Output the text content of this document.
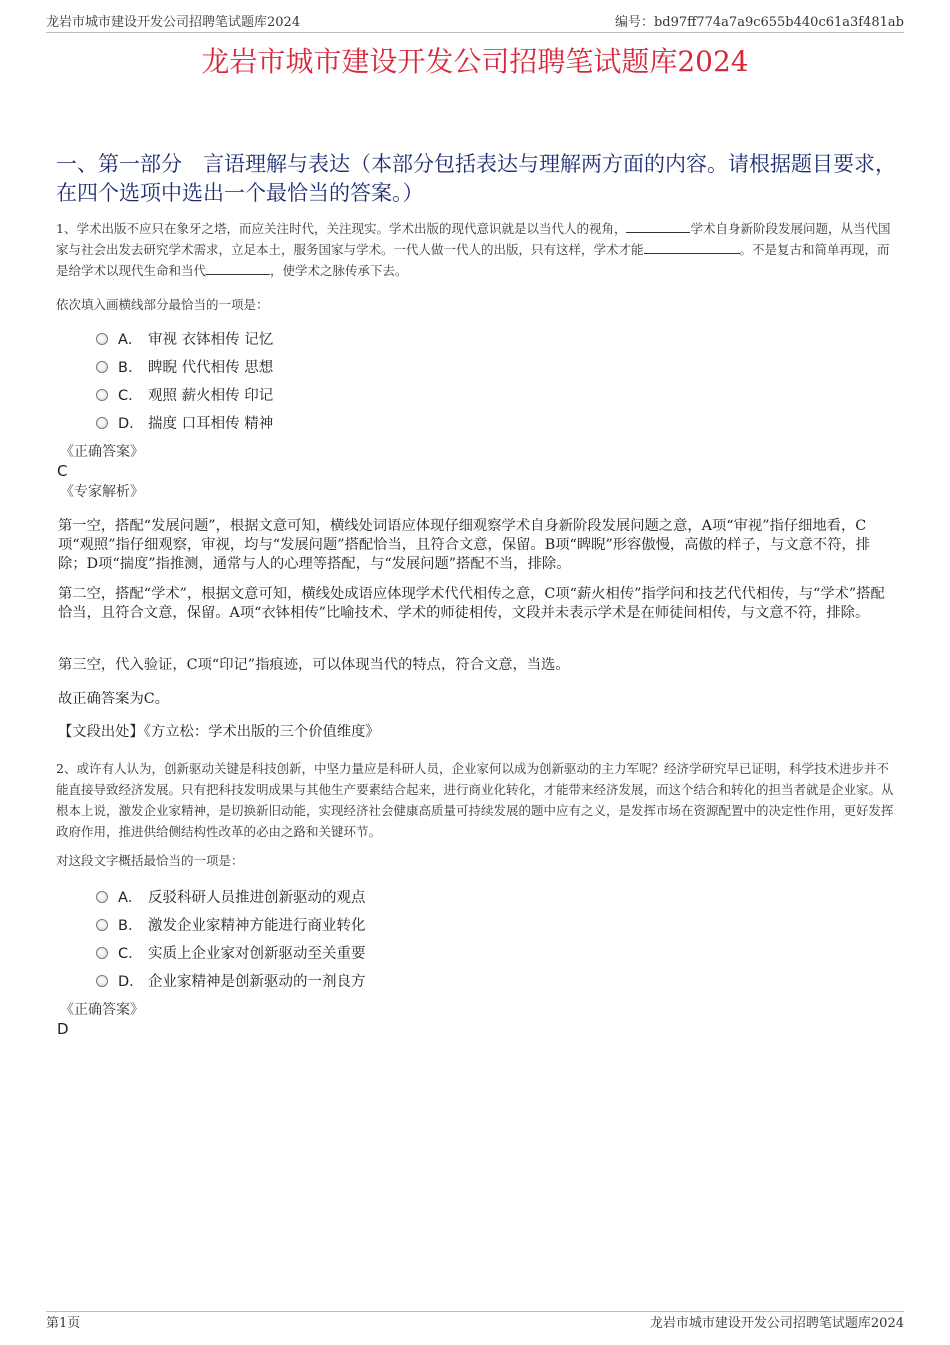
龙岩市城市建设开发公司招聘笔试题库2024	编号：bd97ff774a7a9c655b440c61a3f481ab
龙岩市城市建设开发公司招聘笔试题库2024
一、第一部分　言语理解与表达（本部分包括表达与理解两方面的内容。请根据题目要求，在四个选项中选出一个最恰当的答案。）
1、学术出版不应只在象牙之塔，而应关注时代，关注现实。学术出版的现代意识就是以当代人的视角，	学术自身新阶段发展问题，从当代国家与社会出发去研究学术需求，立足本土，服务国家与学术。一代人做一代人的出版，只有这样，学术才能	。不是复古和简单再现，而是给学术以现代生命和当代	，使学术之脉传承下去。
依次填入画横线部分最恰当的一项是：
A． 审视 衣钵相传 记忆
B． 睥睨 代代相传 思想
C． 观照 薪火相传 印记
D． 揣度 口耳相传 精神
《正确答案》
C
《专家解析》
第一空，搭配“发展问题”，根据文意可知，横线处词语应体现仔细观察学术自身新阶段发展问题之意，A项“审视”指仔细地看，C项“观照”指仔细观察，审视，均与“发展问题”搭配恰当，且符合文意，保留。B项“睥睨”形容傲慢，高傲的样子，与文意不符，排除；D项“揣度”指推测，通常与人的心理等搭配，与“发展问题”搭配不当，排除。
第二空，搭配“学术”，根据文意可知，横线处成语应体现学术代代相传之意，C项“薪火相传”指学问和技艺代代相传，与“学术”搭配恰当，且符合文意，保留。A项“衣钵相传”比喻技术、学术的师徒相传，文段并未表示学术是在师徒间相传，与文意不符，排除。
第三空，代入验证，C项“印记”指痕迹，可以体现当代的特点，符合文意，当选。
故正确答案为C。
【文段出处】《方立松：学术出版的三个价值维度》
2、或许有人认为，创新驱动关键是科技创新，中坚力量应是科研人员，企业家何以成为创新驱动的主力军呢？经济学研究早已证明，科学技术进步并不能直接导致经济发展。只有把科技发明成果与其他生产要素结合起来，进行商业化转化，才能带来经济发展，而这个结合和转化的担当者就是企业家。从根本上说，激发企业家精神，是切换新旧动能，实现经济社会健康高质量可持续发展的题中应有之义，是发挥市场在资源配置中的决定性作用，更好发挥政府作用，推进供给侧结构性改革的必由之路和关键环节。
对这段文字概括最恰当的一项是：
A． 反驳科研人员推进创新驱动的观点
B． 激发企业家精神方能进行商业转化
C． 实质上企业家对创新驱动至关重要
D． 企业家精神是创新驱动的一剂良方
《正确答案》
D
第1页	龙岩市城市建设开发公司招聘笔试题库2024
